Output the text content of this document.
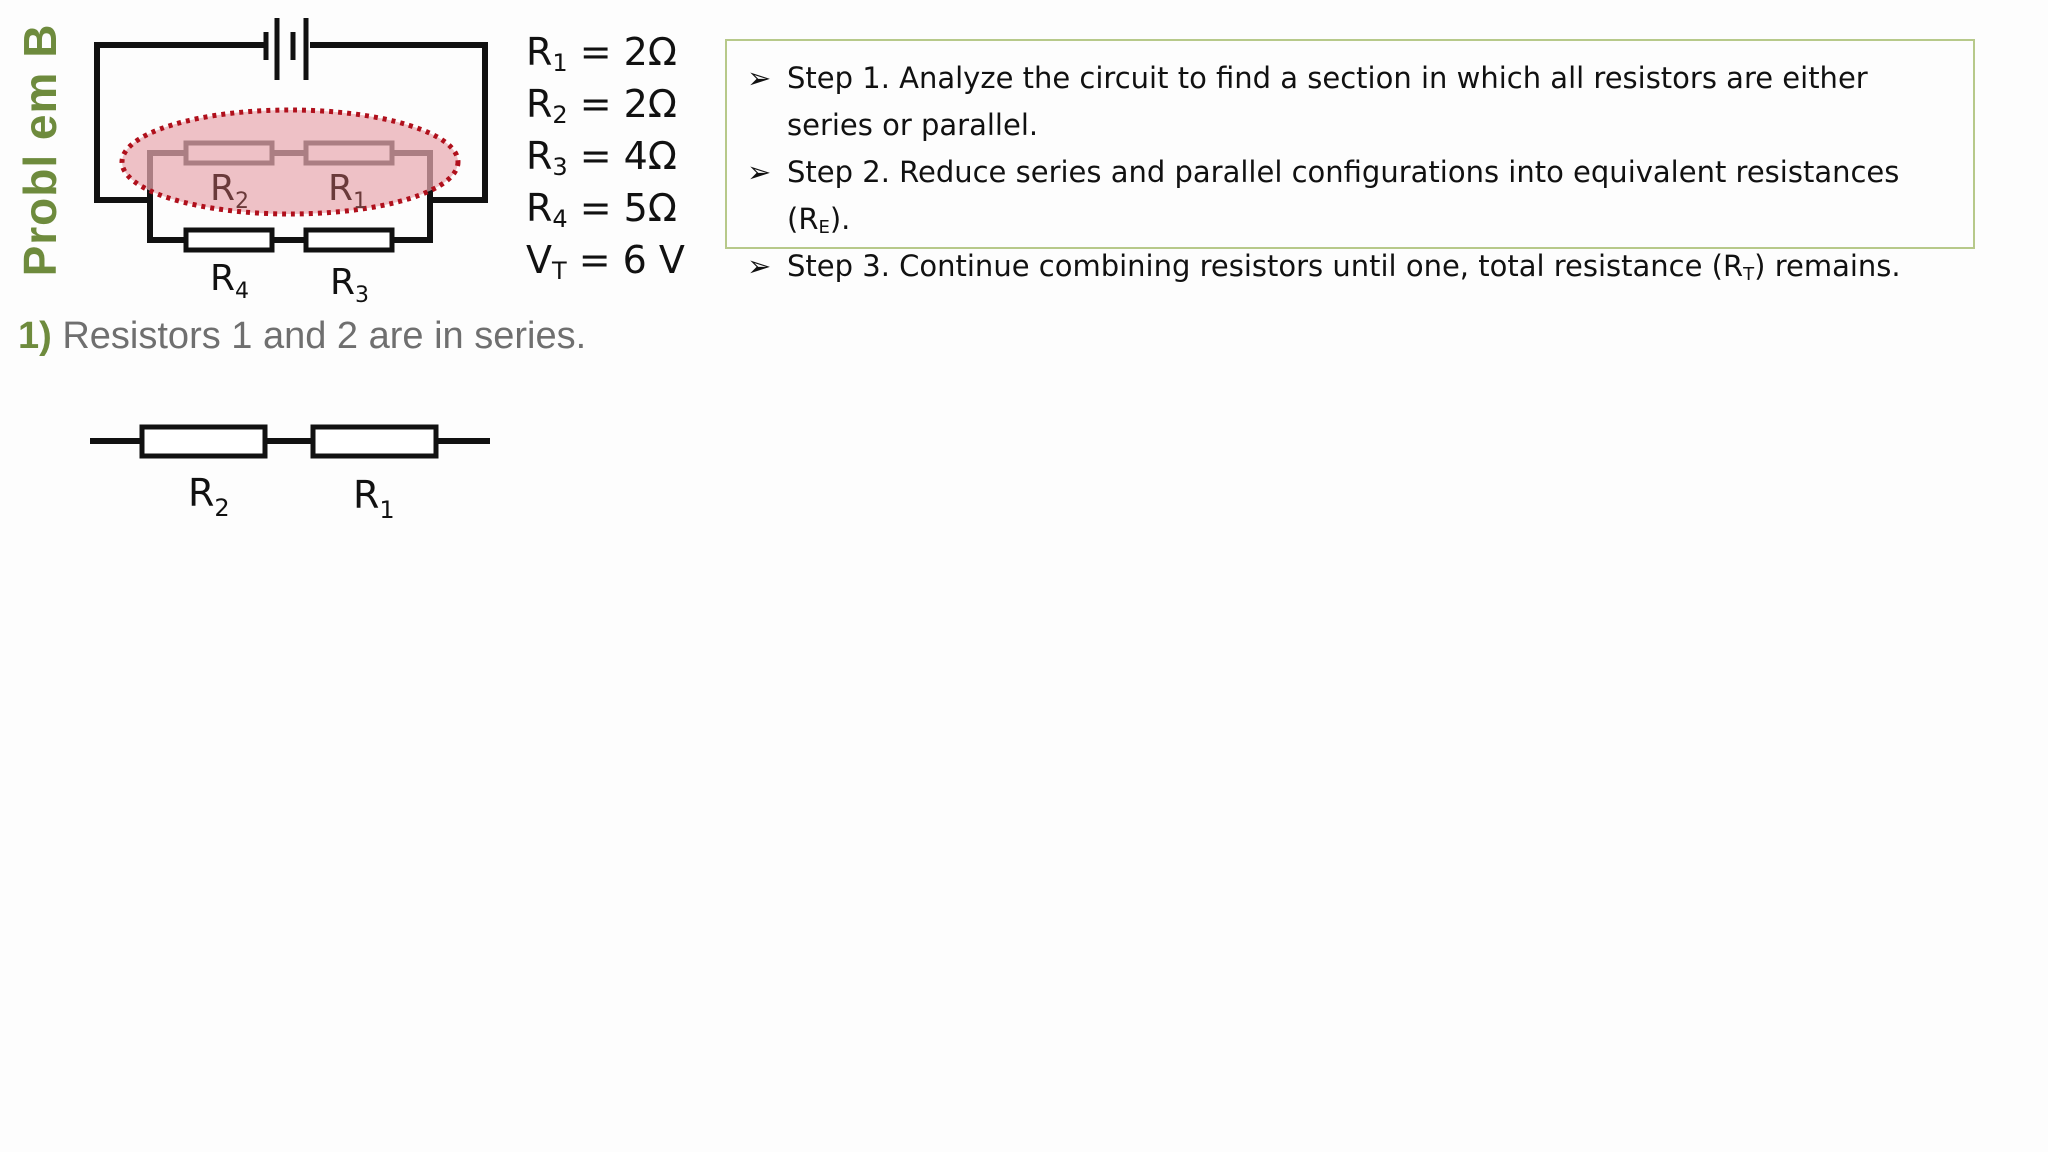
Probl em B	$R_2$ $R_1$
$R_4$ $R_3$
$R_2$	$R_1$
$R_1 = 2\Omega$
$R_2 = 2\Omega$
$R_3 = 4\Omega$
$R_4 = 5\Omega$
$V_T = 6$ V
➢ Step 1. Analyze the circuit to find a section in which all resistors are either series or parallel.
➢ Step 2. Reduce series and parallel configurations into equivalent resistances $(R_E)$.
➢ Step 3. Continue combining resistors until one, total resistance $(R_T)$ remains.
1) Resistors 1 and 2 are in series.
